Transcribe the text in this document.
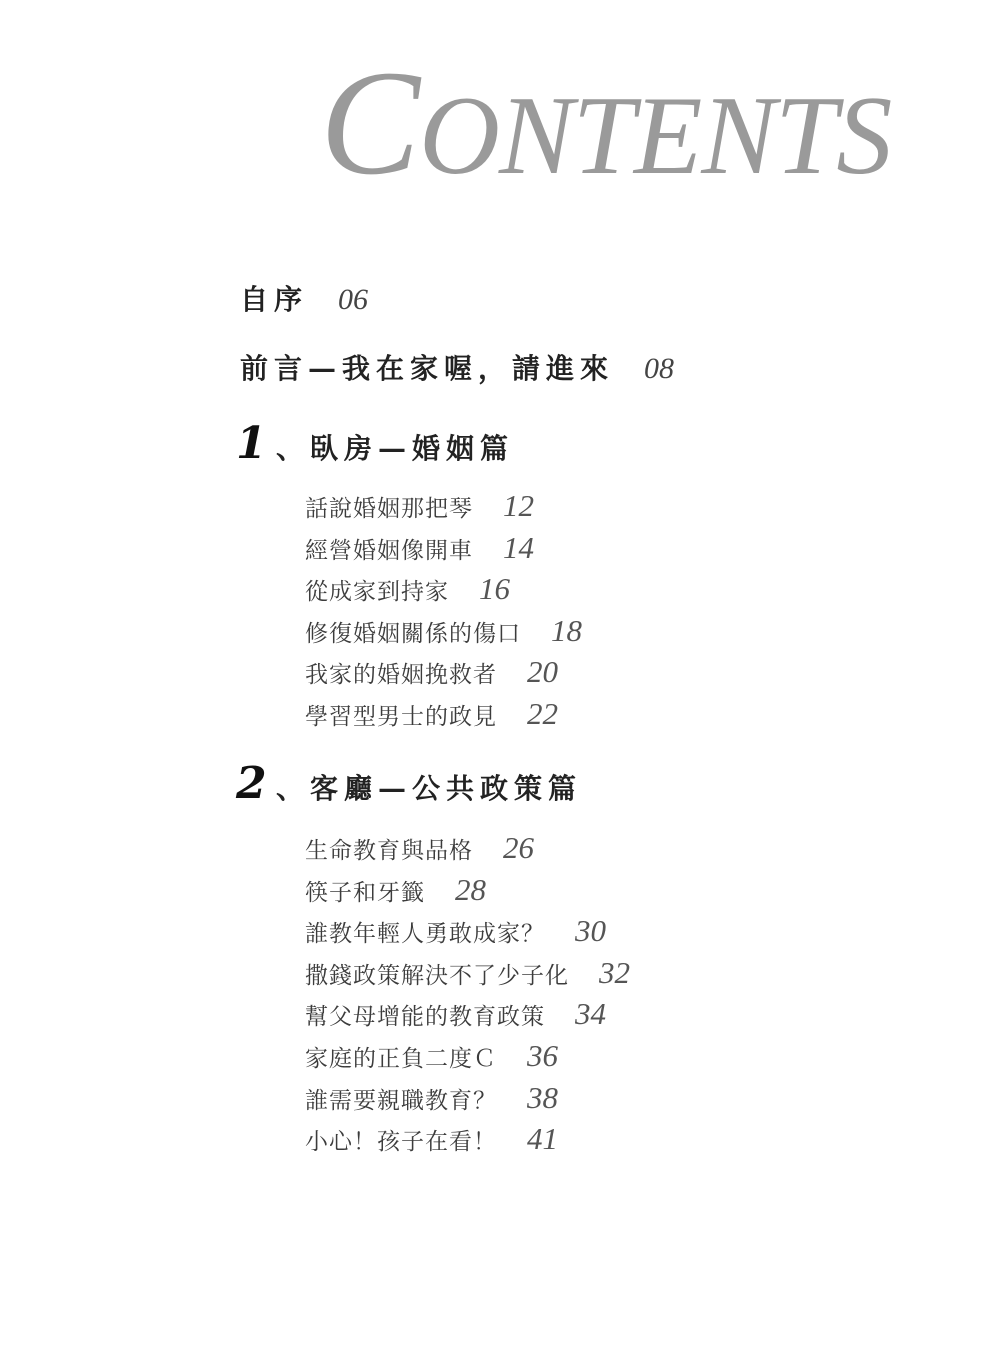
CONTENTS
自序 06
前言—我在家喔，請進來 08
1 、臥房—婚姻篇
話說婚姻那把琴 12
經營婚姻像開車 14
從成家到持家 16
修復婚姻關係的傷口 18
我家的婚姻挽救者 20
學習型男士的政見 22
2 、客廳—公共政策篇
生命教育與品格 26
筷子和牙籤 28
誰教年輕人勇敢成家？ 30
撒錢政策解決不了少子化 32
幫父母增能的教育政策 34
家庭的正負二度Ｃ 36
誰需要親職教育？ 38
小心！孩子在看！ 41
